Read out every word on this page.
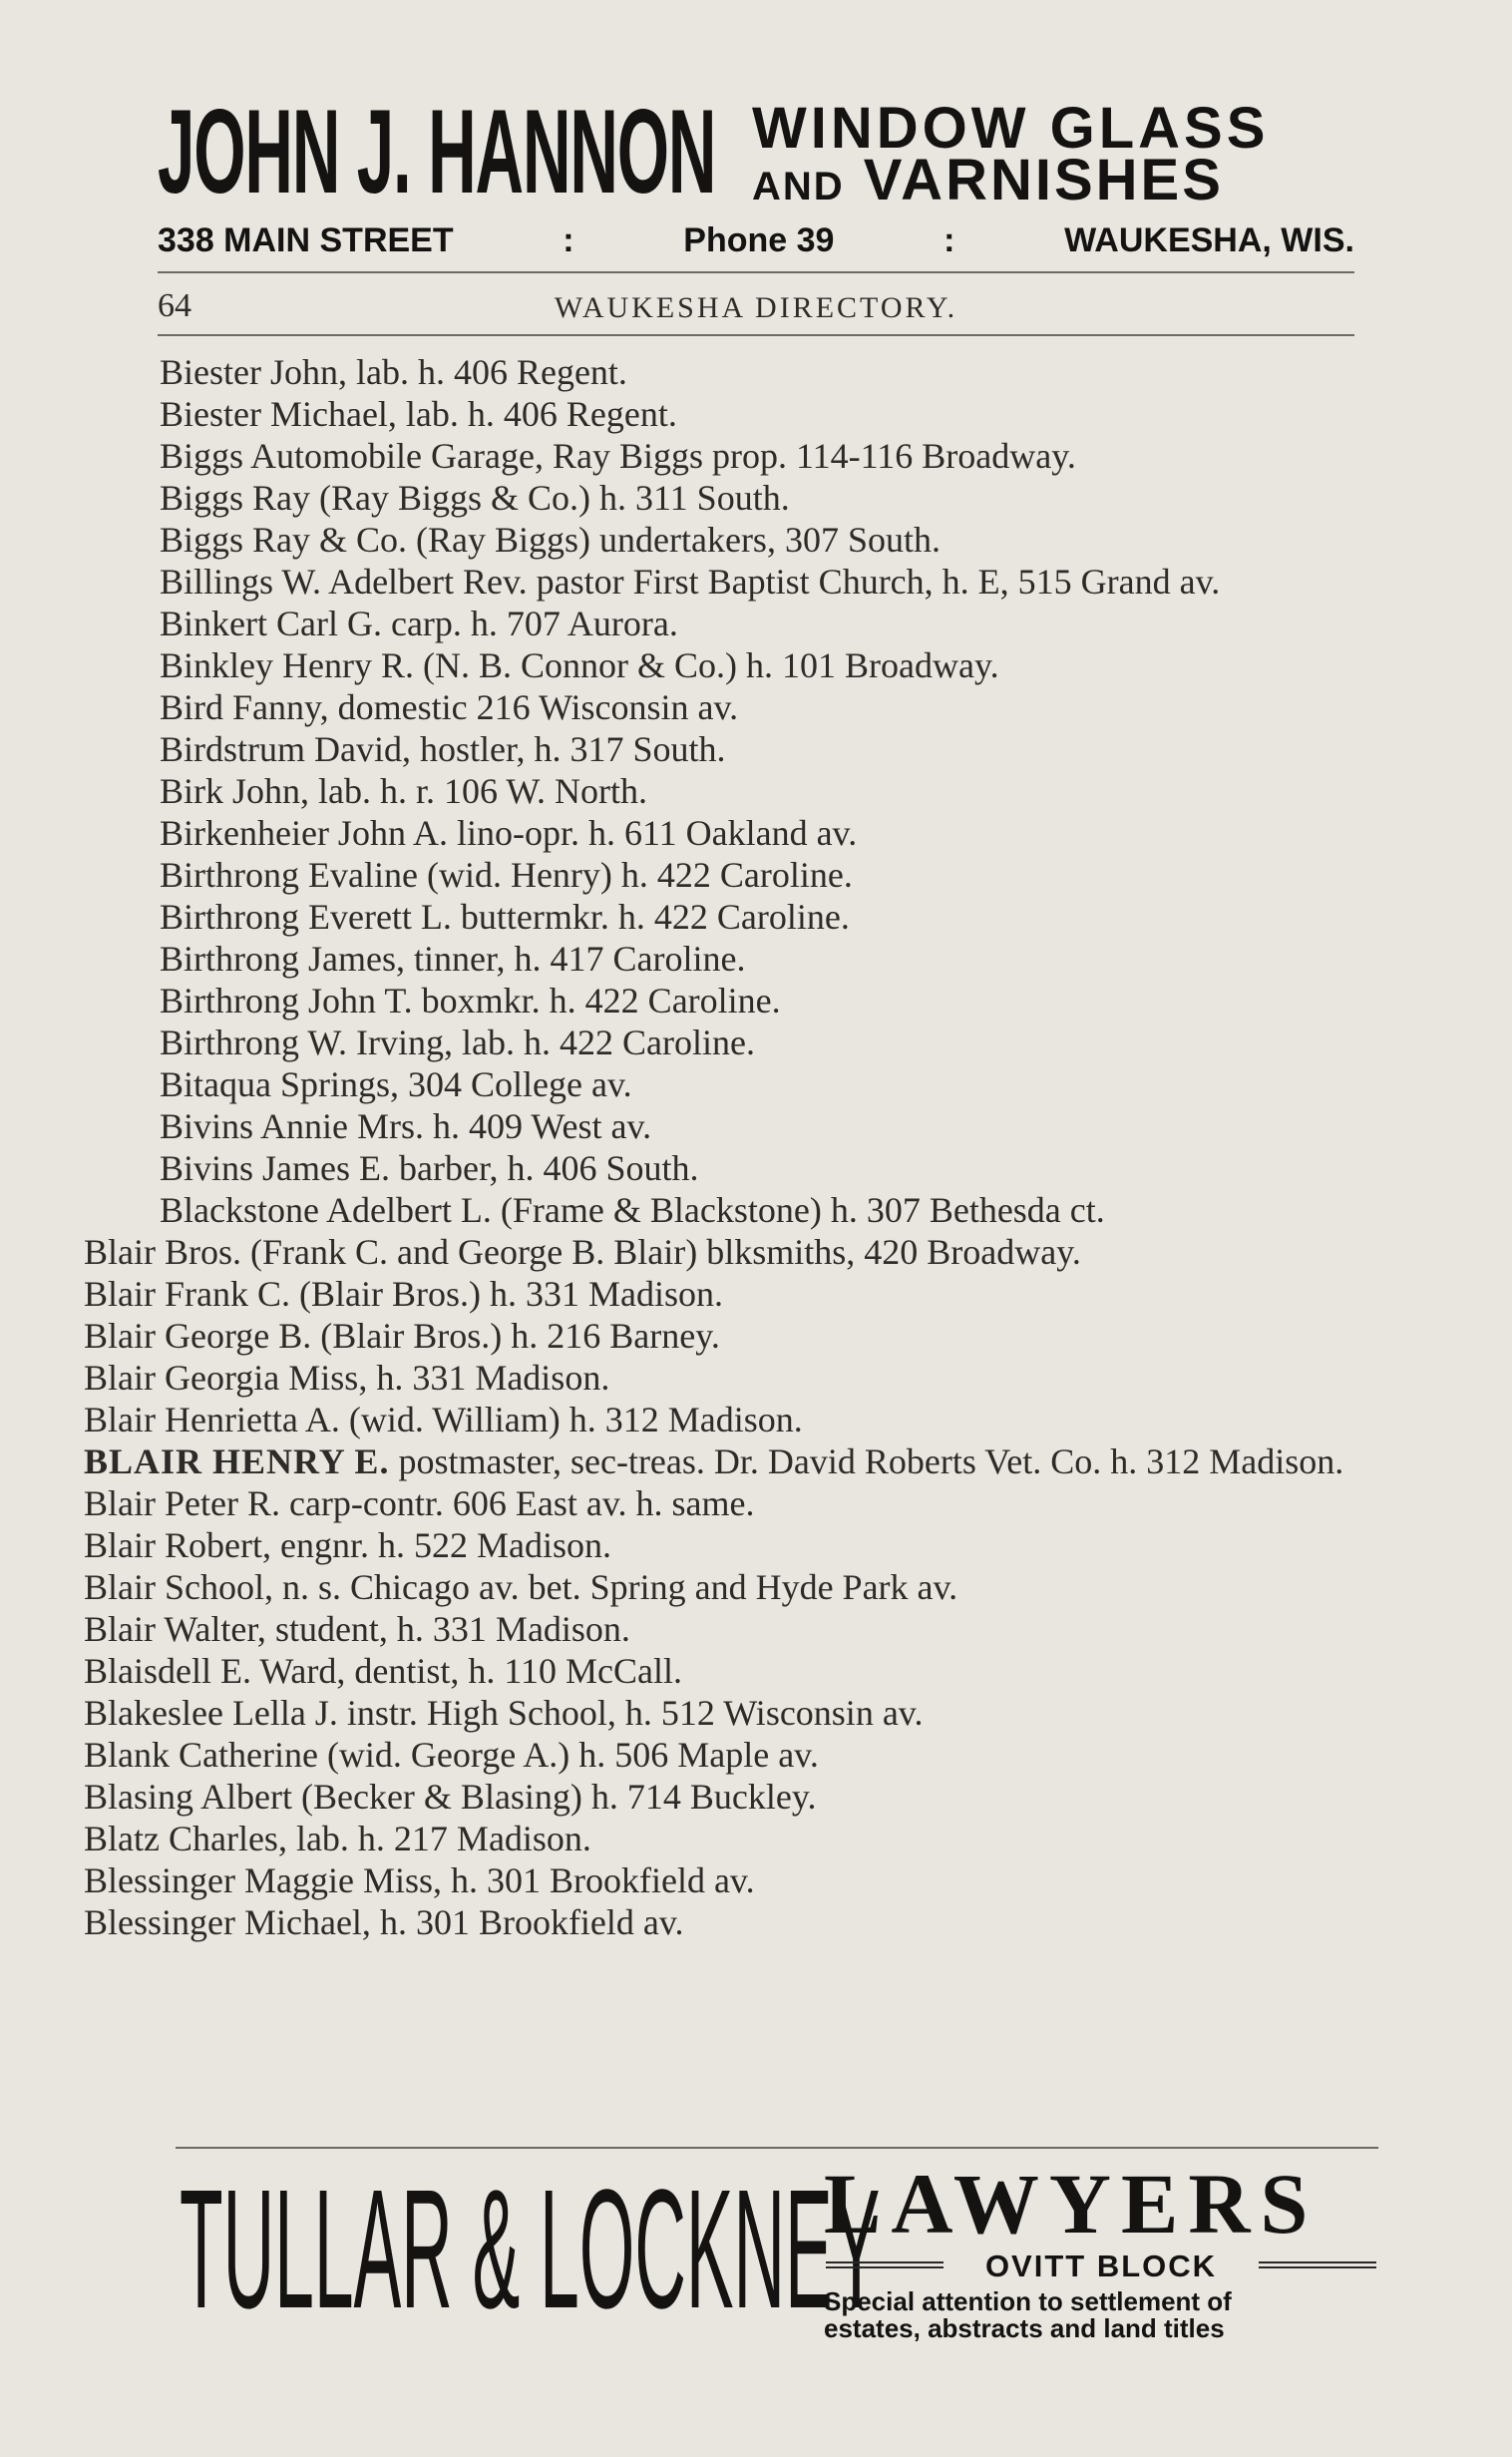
JOHN J. HANNON WINDOW GLASS
AND VARNISHES
338 MAIN STREET	:	Phone 39	:	WAUKESHA, WIS.
64	WAUKESHA DIRECTORY.
Biester John, lab. h. 406 Regent.
Biester Michael, lab. h. 406 Regent.
Biggs Automobile Garage, Ray Biggs prop. 114-116 Broadway.
Biggs Ray (Ray Biggs & Co.) h. 311 South.
Biggs Ray & Co. (Ray Biggs) undertakers, 307 South.
Billings W. Adelbert Rev. pastor First Baptist Church, h. E, 515 Grand av.
Binkert Carl G. carp. h. 707 Aurora.
Binkley Henry R. (N. B. Connor & Co.) h. 101 Broadway.
Bird Fanny, domestic 216 Wisconsin av.
Birdstrum David, hostler, h. 317 South.
Birk John, lab. h. r. 106 W. North.
Birkenheier John A. lino-opr. h. 611 Oakland av.
Birthrong Evaline (wid. Henry) h. 422 Caroline.
Birthrong Everett L. buttermkr. h. 422 Caroline.
Birthrong James, tinner, h. 417 Caroline.
Birthrong John T. boxmkr. h. 422 Caroline.
Birthrong W. Irving, lab. h. 422 Caroline.
Bitaqua Springs, 304 College av.
Bivins Annie Mrs. h. 409 West av.
Bivins James E. barber, h. 406 South.
Blackstone Adelbert L. (Frame & Blackstone) h. 307 Bethesda ct.
Blair Bros. (Frank C. and George B. Blair) blksmiths, 420 Broadway.
Blair Frank C. (Blair Bros.) h. 331 Madison.
Blair George B. (Blair Bros.) h. 216 Barney.
Blair Georgia Miss, h. 331 Madison.
Blair Henrietta A. (wid. William) h. 312 Madison.
BLAIR HENRY E. postmaster, sec-treas. Dr. David Roberts Vet. Co. h. 312 Madison.
Blair Peter R. carp-contr. 606 East av. h. same.
Blair Robert, engnr. h. 522 Madison.
Blair School, n. s. Chicago av. bet. Spring and Hyde Park av.
Blair Walter, student, h. 331 Madison.
Blaisdell E. Ward, dentist, h. 110 McCall.
Blakeslee Lella J. instr. High School, h. 512 Wisconsin av.
Blank Catherine (wid. George A.) h. 506 Maple av.
Blasing Albert (Becker & Blasing) h. 714 Buckley.
Blatz Charles, lab. h. 217 Madison.
Blessinger Maggie Miss, h. 301 Brookfield av.
Blessinger Michael, h. 301 Brookfield av.
TULLAR & LOCKNEY
LAWYERS
OVITT BLOCK
Special attention to settlement of
estates, abstracts and land titles
